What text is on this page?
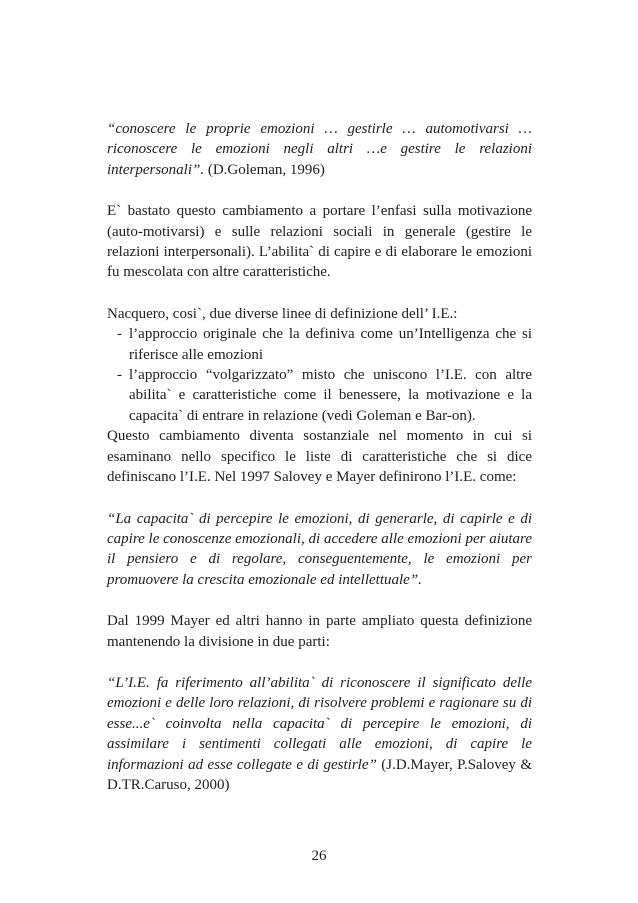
“conoscere le proprie emozioni … gestirle … automotivarsi … riconoscere le emozioni negli altri …e gestire le relazioni interpersonali”. (D.Goleman, 1996)

E` bastato questo cambiamento a portare l’enfasi sulla motivazione (auto-motivarsi) e sulle relazioni sociali in generale (gestire le relazioni interpersonali). L’abilita` di capire e di elaborare le emozioni fu mescolata con altre caratteristiche.

Nacquero, cosi`, due diverse linee di definizione dell’ I.E.:

- l’approccio originale che la definiva come un’Intelligenza che si riferisce alle emozioni
- l’approccio “volgarizzato” misto che uniscono l’I.E. con altre abilita` e caratteristiche come il benessere, la motivazione e la capacita` di entrare in relazione (vedi Goleman e Bar-on).

Questo cambiamento diventa sostanziale nel momento in cui si esaminano nello specifico le liste di caratteristiche che si dice definiscano l’I.E. Nel 1997 Salovey e Mayer definirono l’I.E. come:

“La capacita` di percepire le emozioni, di generarle, di capirle e di capire le conoscenze emozionali, di accedere alle emozioni per aiutare il pensiero e di regolare, conseguentemente, le emozioni per promuovere la crescita emozionale ed intellettuale”.

Dal 1999 Mayer ed altri hanno in parte ampliato questa definizione mantenendo la divisione in due parti:

“L’I.E. fa riferimento all’abilita` di riconoscere il significato delle emozioni e delle loro relazioni, di risolvere problemi e ragionare su di esse...e` coinvolta nella capacita` di percepire le emozioni, di assimilare i sentimenti collegati alle emozioni, di capire le informazioni ad esse collegate e di gestirle” (J.D.Mayer, P.Salovey & D.TR.Caruso, 2000)

26
